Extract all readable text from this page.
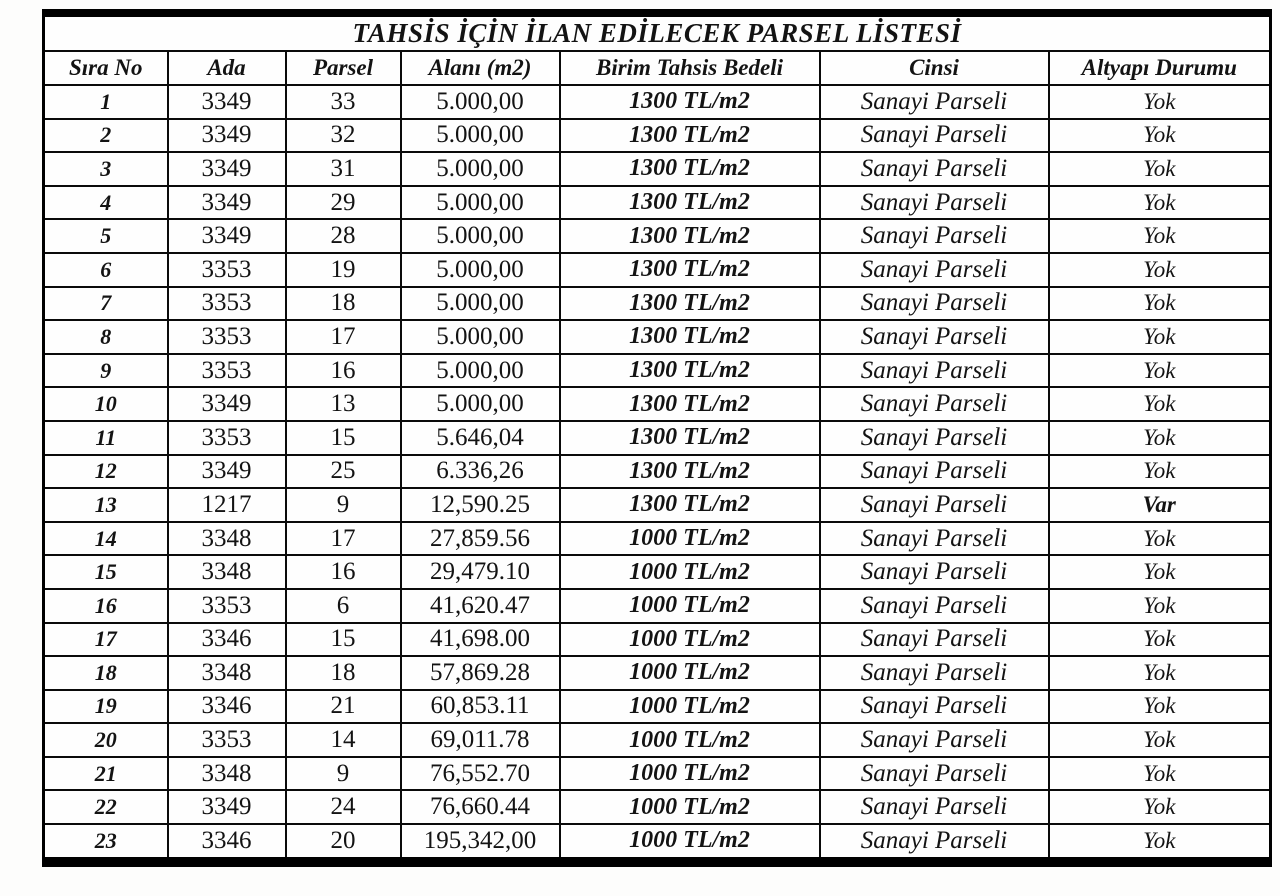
TAHSİS İÇİN İLAN EDİLECEK PARSEL LİSTESİ						
Sıra No	Ada	Parsel	Alanı (m2)	Birim Tahsis Bedeli	Cinsi	Altyapı Durumu
1	3349	33	5.000,00	1300 TL/m2	Sanayi Parseli	Yok
2	3349	32	5.000,00	1300 TL/m2	Sanayi Parseli	Yok
3	3349	31	5.000,00	1300 TL/m2	Sanayi Parseli	Yok
4	3349	29	5.000,00	1300 TL/m2	Sanayi Parseli	Yok
5	3349	28	5.000,00	1300 TL/m2	Sanayi Parseli	Yok
6	3353	19	5.000,00	1300 TL/m2	Sanayi Parseli	Yok
7	3353	18	5.000,00	1300 TL/m2	Sanayi Parseli	Yok
8	3353	17	5.000,00	1300 TL/m2	Sanayi Parseli	Yok
9	3353	16	5.000,00	1300 TL/m2	Sanayi Parseli	Yok
10	3349	13	5.000,00	1300 TL/m2	Sanayi Parseli	Yok
11	3353	15	5.646,04	1300 TL/m2	Sanayi Parseli	Yok
12	3349	25	6.336,26	1300 TL/m2	Sanayi Parseli	Yok
13	1217	9	12,590.25	1300 TL/m2	Sanayi Parseli	Var
14	3348	17	27,859.56	1000 TL/m2	Sanayi Parseli	Yok
15	3348	16	29,479.10	1000 TL/m2	Sanayi Parseli	Yok
16	3353	6	41,620.47	1000 TL/m2	Sanayi Parseli	Yok
17	3346	15	41,698.00	1000 TL/m2	Sanayi Parseli	Yok
18	3348	18	57,869.28	1000 TL/m2	Sanayi Parseli	Yok
19	3346	21	60,853.11	1000 TL/m2	Sanayi Parseli	Yok
20	3353	14	69,011.78	1000 TL/m2	Sanayi Parseli	Yok
21	3348	9	76,552.70	1000 TL/m2	Sanayi Parseli	Yok
22	3349	24	76,660.44	1000 TL/m2	Sanayi Parseli	Yok
23	3346	20	195,342,00	1000 TL/m2	Sanayi Parseli	Yok
